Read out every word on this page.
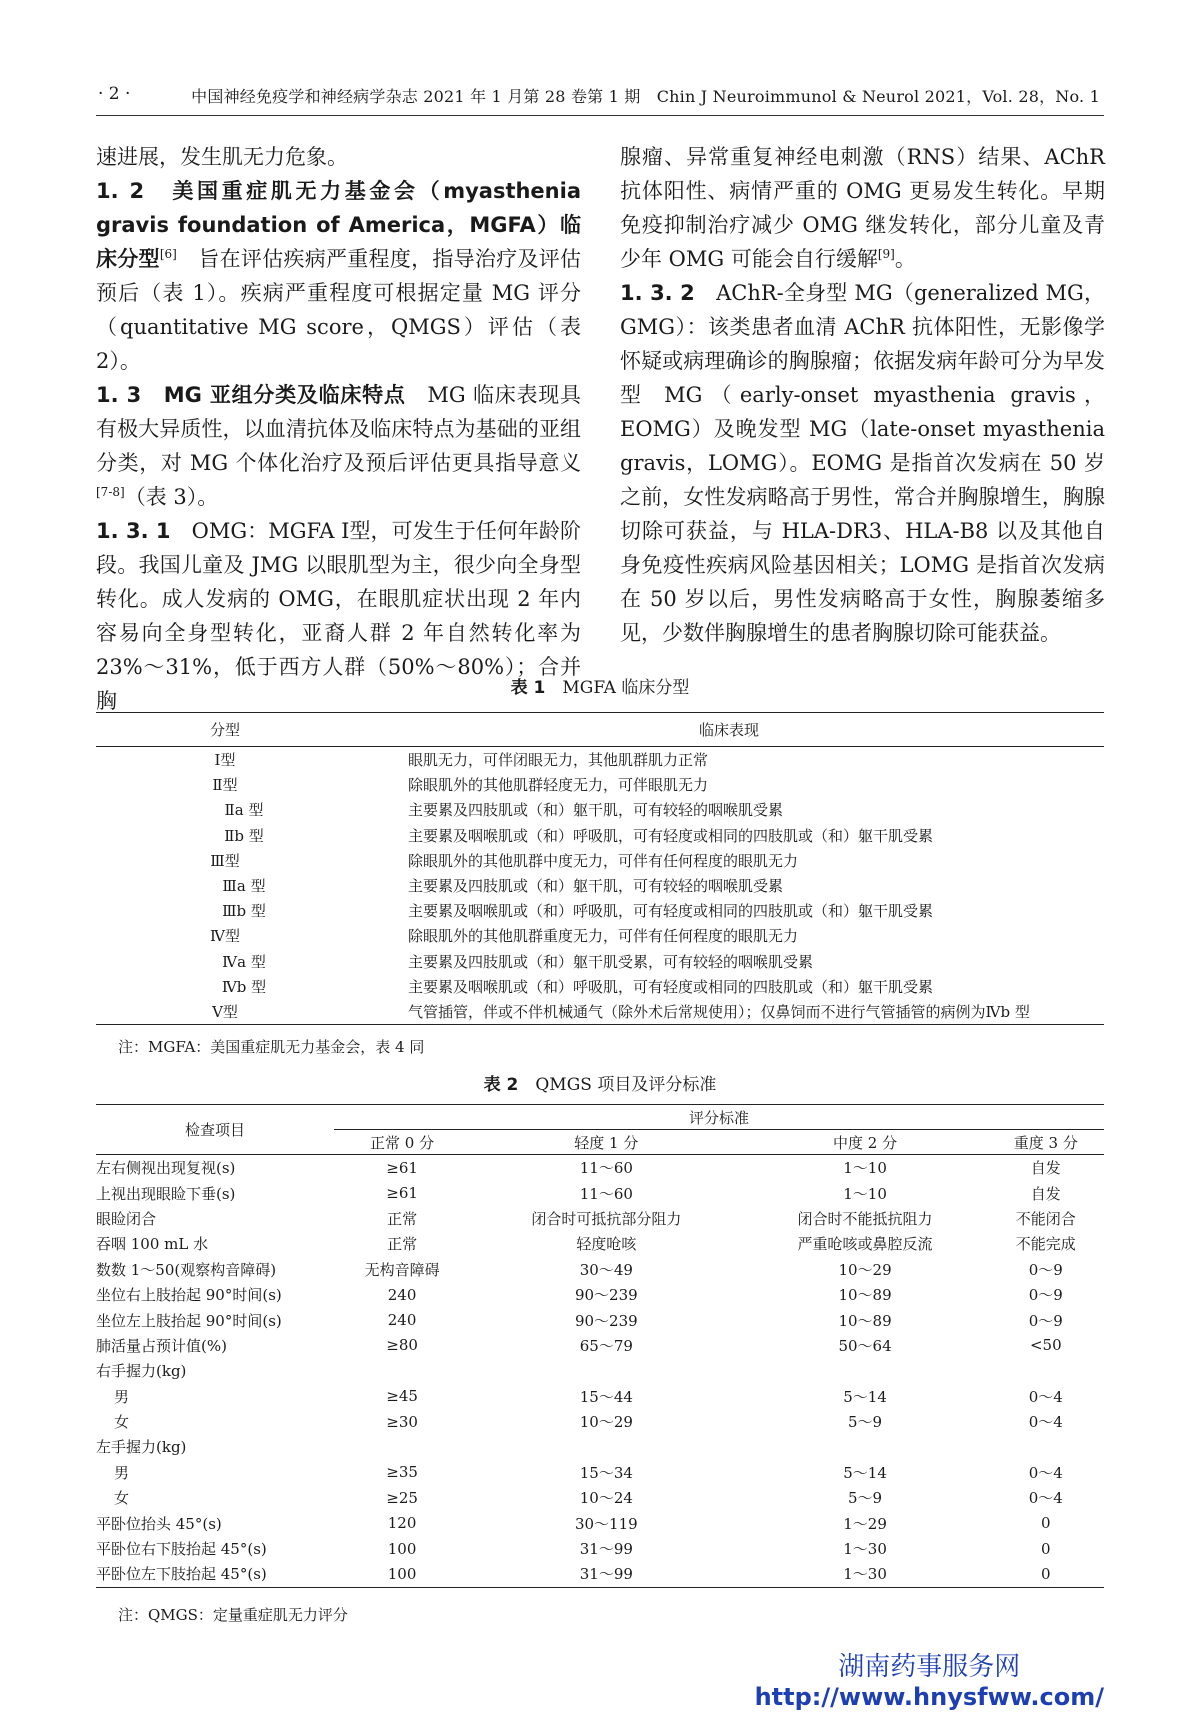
· 2 ·	中国神经免疫学和神经病学杂志 2021 年 1 月第 28 卷第 1 期　Chin J Neuroimmunol & Neurol 2021，Vol. 28，No. 1

速进展，发生肌无力危象。

1. 2　美国重症肌无力基金会（myasthenia gravis foundation of America，MGFA）临床分型[6]　旨在评估疾病严重程度，指导治疗及评估预后（表 1）。疾病严重程度可根据定量 MG 评分（quantitative MG score，QMGS）评估（表 2）。

1. 3　MG 亚组分类及临床特点　MG 临床表现具有极大异质性，以血清抗体及临床特点为基础的亚组分类，对 MG 个体化治疗及预后评估更具指导意义[7-8]（表 3）。

1. 3. 1　OMG：MGFA Ⅰ型，可发生于任何年龄阶段。我国儿童及 JMG 以眼肌型为主，很少向全身型转化。成人发病的 OMG，在眼肌症状出现 2 年内容易向全身型转化，亚裔人群 2 年自然转化率为 23%～31%，低于西方人群（50%～80%）；合并胸

腺瘤、异常重复神经电刺激（RNS）结果、AChR 抗体阳性、病情严重的 OMG 更易发生转化。早期免疫抑制治疗减少 OMG 继发转化，部分儿童及青少年 OMG 可能会自行缓解[9]。

1. 3. 2　AChR-全身型 MG（generalized MG，GMG）：该类患者血清 AChR 抗体阳性，无影像学怀疑或病理确诊的胸腺瘤；依据发病年龄可分为早发型 MG（early-onset myasthenia gravis，EOMG）及晚发型 MG（late-onset myasthenia gravis，LOMG）。EOMG 是指首次发病在 50 岁之前，女性发病略高于男性，常合并胸腺增生，胸腺切除可获益，与 HLA-DR3、HLA-B8 以及其他自身免疫性疾病风险基因相关；LOMG 是指首次发病在 50 岁以后，男性发病略高于女性，胸腺萎缩多见，少数伴胸腺增生的患者胸腺切除可能获益。

表 1　 MGFA 临床分型
分型	临床表现
Ⅰ型	眼肌无力，可伴闭眼无力，其他肌群肌力正常
Ⅱ型	除眼肌外的其他肌群轻度无力，可伴眼肌无力
Ⅱa 型	主要累及四肢肌或（和）躯干肌，可有较轻的咽喉肌受累
Ⅱb 型	主要累及咽喉肌或（和）呼吸肌，可有轻度或相同的四肢肌或（和）躯干肌受累
Ⅲ型	除眼肌外的其他肌群中度无力，可伴有任何程度的眼肌无力
Ⅲa 型	主要累及四肢肌或（和）躯干肌，可有较轻的咽喉肌受累
Ⅲb 型	主要累及咽喉肌或（和）呼吸肌，可有轻度或相同的四肢肌或（和）躯干肌受累
Ⅳ型	除眼肌外的其他肌群重度无力，可伴有任何程度的眼肌无力
Ⅳa 型	主要累及四肢肌或（和）躯干肌受累，可有较轻的咽喉肌受累
Ⅳb 型	主要累及咽喉肌或（和）呼吸肌，可有轻度或相同的四肢肌或（和）躯干肌受累
Ⅴ型	气管插管，伴或不伴机械通气（除外术后常规使用）；仅鼻饲而不进行气管插管的病例为Ⅳb 型
注：MGFA：美国重症肌无力基金会，表 4 同
表 2　 QMGS 项目及评分标准
检查项目	评分标准			
	正常 0 分	轻度 1 分	中度 2 分	重度 3 分
左右侧视出现复视(s)	≥61	11～60	1～10	自发
上视出现眼睑下垂(s)	≥61	11～60	1～10	自发
眼睑闭合	正常	闭合时可抵抗部分阻力	闭合时不能抵抗阻力	不能闭合
吞咽 100 mL 水	正常	轻度呛咳	严重呛咳或鼻腔反流	不能完成
数数 1～50(观察构音障碍)	无构音障碍	30～49	10～29	0～9
坐位右上肢抬起 90°时间(s)	240	90～239	10～89	0～9
坐位左上肢抬起 90°时间(s)	240	90～239	10～89	0～9
肺活量占预计值(%)	≥80	65～79	50～64	<50
右手握力(kg)				
男	≥45	15～44	5～14	0～4
女	≥30	10～29	5～9	0～4
左手握力(kg)				
男	≥35	15～34	5～14	0～4
女	≥25	10～24	5～9	0～4
平卧位抬头 45°(s)	120	30～119	1～29	0
平卧位右下肢抬起 45°(s)	100	31～99	1～30	0
平卧位左下肢抬起 45°(s)	100	31～99	1～30	0
注：QMGS：定量重症肌无力评分
湖南药事服务网
http://www.hnysfww.com/
